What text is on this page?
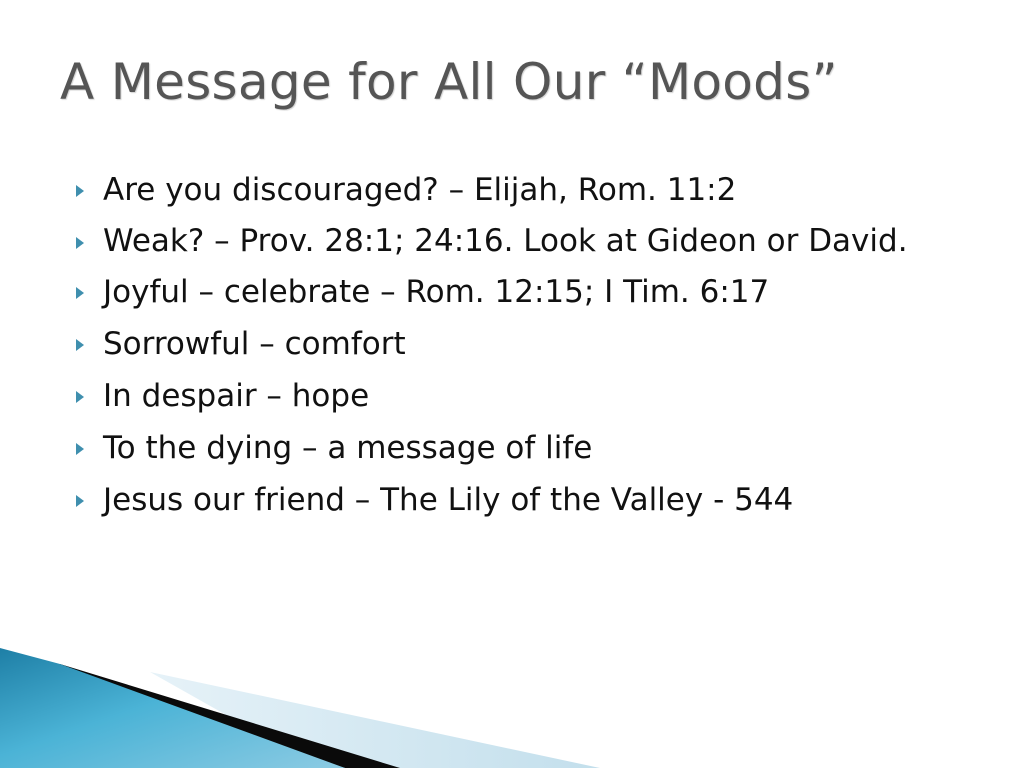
A Message for All Our “Moods”
Are you discouraged? – Elijah, Rom. 11:2
Weak? – Prov. 28:1; 24:16. Look at Gideon or David.
Joyful – celebrate – Rom. 12:15; I Tim. 6:17
Sorrowful – comfort
In despair – hope
To the dying – a message of life
Jesus our friend – The Lily of the Valley - 544
